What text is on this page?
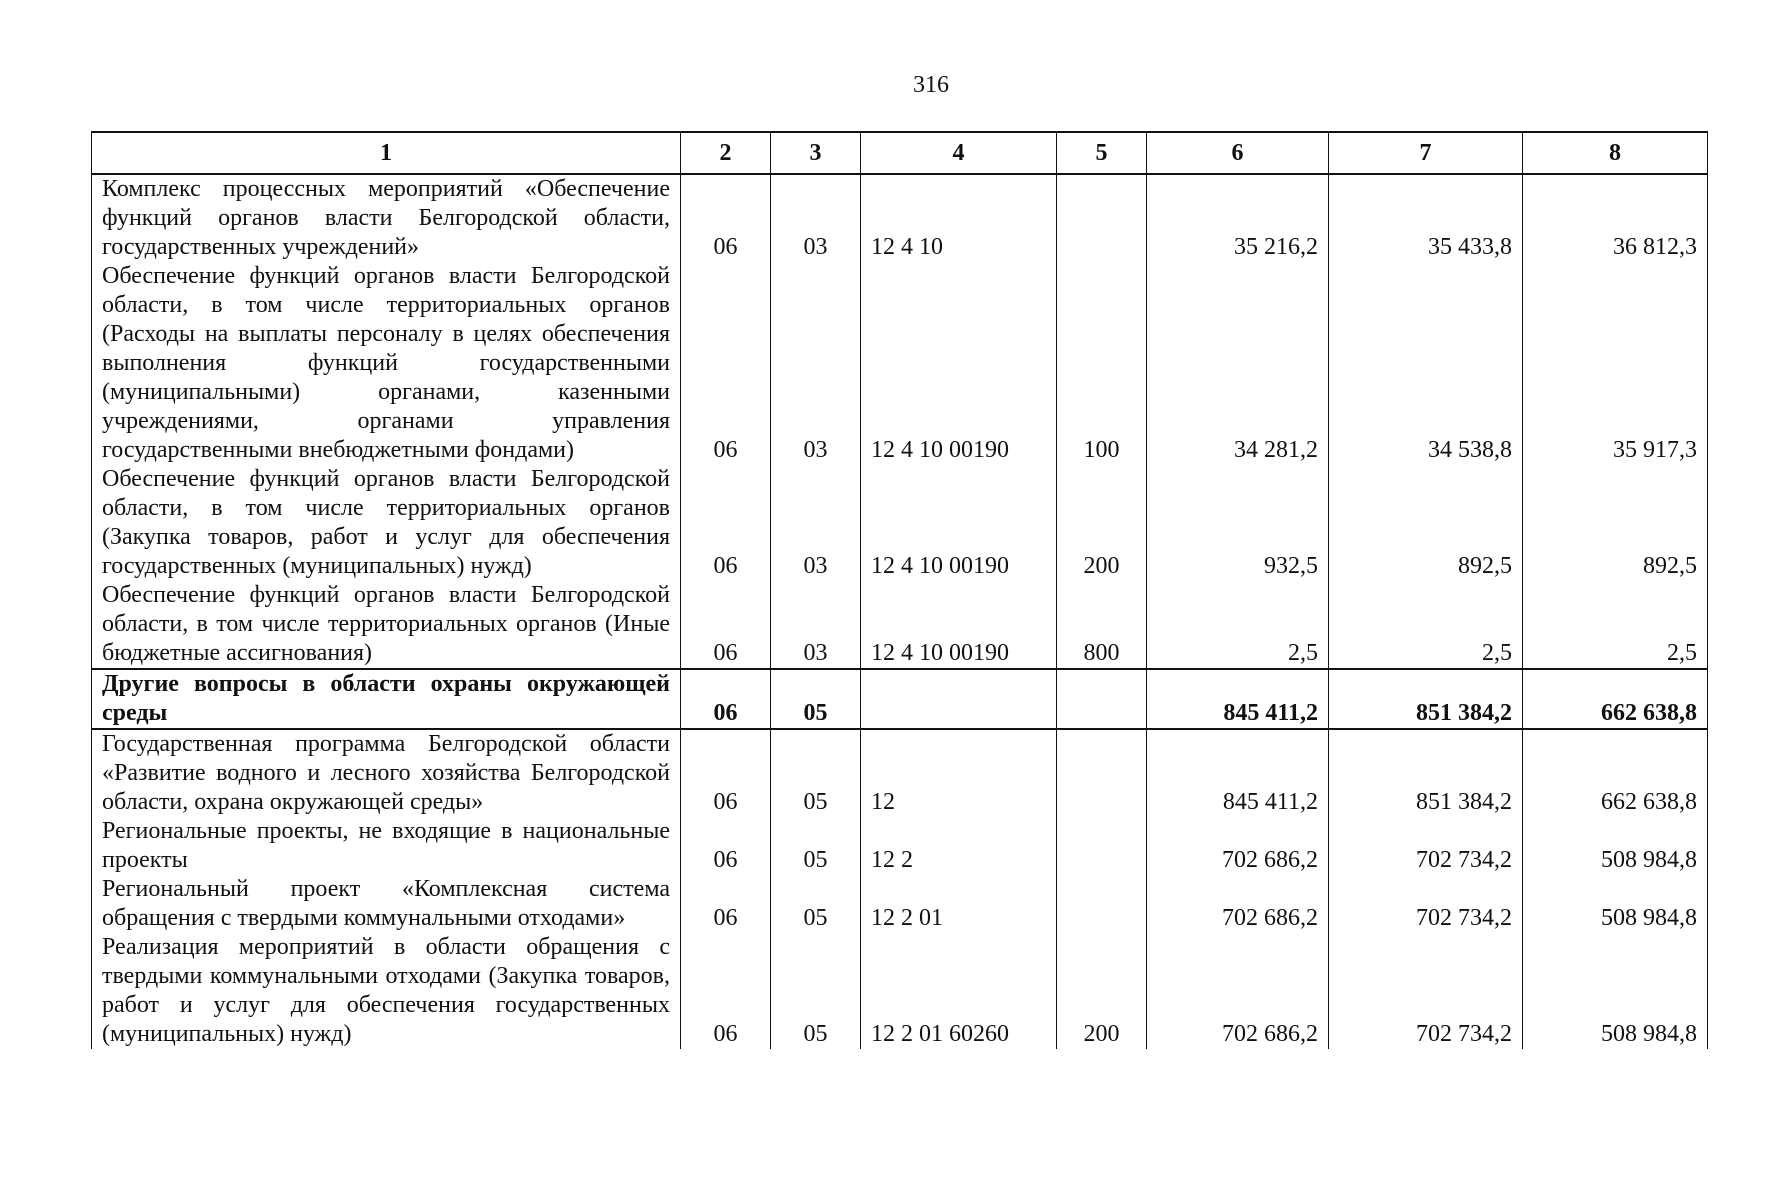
316
1	2	3	4	5	6	7	8
Комплекс процессных мероприятий «Обеспечение функций органов власти Белгородской области, государственных учреждений»	06	03	12 4 10		35 216,2	35 433,8	36 812,3
Обеспечение функций органов власти Белгородской области, в том числе территориальных органов (Расходы на выплаты персоналу в целях обеспечения выполнения функций государственными (муниципальными) органами, казенными учреждениями, органами управления государственными внебюджетными фондами)	06	03	12 4 10 00190	100	34 281,2	34 538,8	35 917,3
Обеспечение функций органов власти Белгородской области, в том числе территориальных органов (Закупка товаров, работ и услуг для обеспечения государственных (муниципальных) нужд)	06	03	12 4 10 00190	200	932,5	892,5	892,5
Обеспечение функций органов власти Белгородской области, в том числе территориальных органов (Иные бюджетные ассигнования)	06	03	12 4 10 00190	800	2,5	2,5	2,5
Другие вопросы в области охраны окружающей среды	06	05			845 411,2	851 384,2	662 638,8
Государственная программа Белгородской области «Развитие водного и лесного хозяйства Белгородской области, охрана окружающей среды»	06	05	12		845 411,2	851 384,2	662 638,8
Региональные проекты, не входящие в национальные проекты	06	05	12 2		702 686,2	702 734,2	508 984,8
Региональный проект «Комплексная система обращения с твердыми коммунальными отходами»	06	05	12 2 01		702 686,2	702 734,2	508 984,8
Реализация мероприятий в области обращения с твердыми коммунальными отходами (Закупка товаров, работ и услуг для обеспечения государственных (муниципальных) нужд)	06	05	12 2 01 60260	200	702 686,2	702 734,2	508 984,8
